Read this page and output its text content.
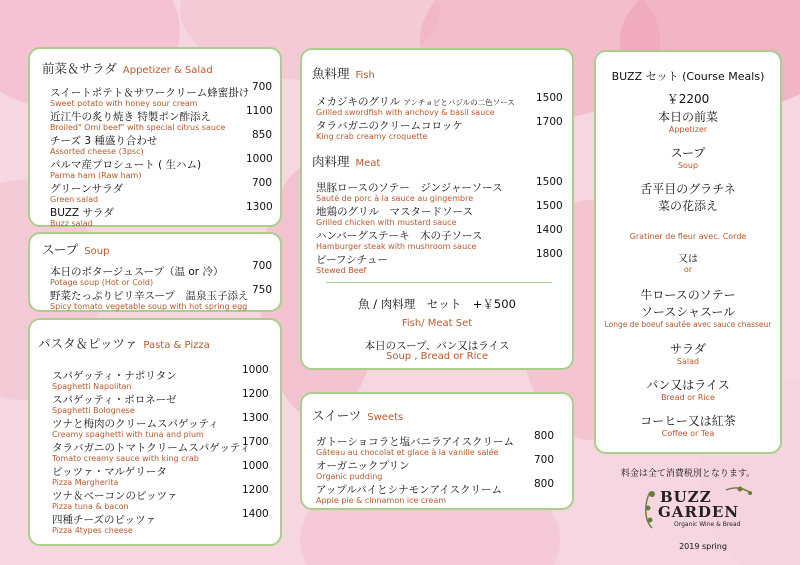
前菜＆サラダ Appetizer & Salad
スイートポテト＆サワークリーム蜂蜜掛け
Sweet potato with honey sour cream
700
近江牛の炙り焼き 特製ポン酢添え
Broiled" Omi beef" with special citrus sauce
1100
チーズ 3 種盛り合わせ
Assorted cheese (3psc)
850
パルマ産プロシュート ( 生ハム)
Parma ham (Raw ham)
1000
グリーンサラダ
Green salad
700
BUZZ サラダ
Buzz salad
1300
スープ Soup
本日のポタージュスープ（温 or 冷）
Potage soup (Hot or Cold)
700
野菜たっぷりピリ辛スープ　温泉玉子添え
Spicy tomato vegetable soup with hot spring egg
750
パスタ＆ピッツァ Pasta & Pizza
スパゲッティ・ナポリタン
Spaghetti Napolitan
1000
スパゲッティ・ボロネーゼ
Spaghetti Bolognese
1200
ツナと梅肉のクリームスパゲッティ
Creamy spaghetti with tuna and plum
1300
タラバガニのトマトクリームスパゲッティ
Tomato creamy sauce with king crab
1700
ピッツァ・マルゲリータ
Pizza Margherita
1000
ツナ＆ベーコンのピッツァ
Pizza tuna & bacon
1200
四種チーズのピッツァ
Pizza 4types cheese
1400
魚料理 Fish
メカジキのグリル アンチョビとバジルの二色ソース
Grilled swordfish with anchovy & basil sauce
1500
タラバガニのクリームコロッケ
King crab creamy croquette
1700
肉料理 Meat
黒豚ロースのソテー　ジンジャーソース
Sauté de porc à la sauce au gingembre
1500
地鶏のグリル　マスタードソース
Grilled chicken with mustard sauce
1500
ハンバーグステーキ　木の子ソース
Hamburger steak with mushroom sauce
1400
ビーフシチュー
Stewed Beef
1800
魚 / 肉料理　セット　+￥500
Fish/ Meat Set
本日のスープ、パン又はライス
Soup , Bread or Rice
スイーツ Sweets
ガトーショコラと塩バニラアイスクリーム
Gâteau au chocolat et glace à la vanille salée
800
オーガニックプリン
Organic pudding
700
アップルパイとシナモンアイスクリーム
Apple pie & cinnamon ice cream
800
BUZZ セット (Course Meals)
￥2200
本日の前菜
Appetizer
スープ
Soup
舌平目のグラチネ
菜の花添え
Gratiner de fleur avec. Corde
又は
or
牛ロースのソテー
ソースシャスール
Longe de boeuf sautée avec sauce chasseur
サラダ
Salad
パン又はライス
Bread or Rice
コーヒー又は紅茶
Coffee or Tea
料金は全て消費税別となります。
BUZZ
GARDEN
Organic Wine & Bread
2019 spring
